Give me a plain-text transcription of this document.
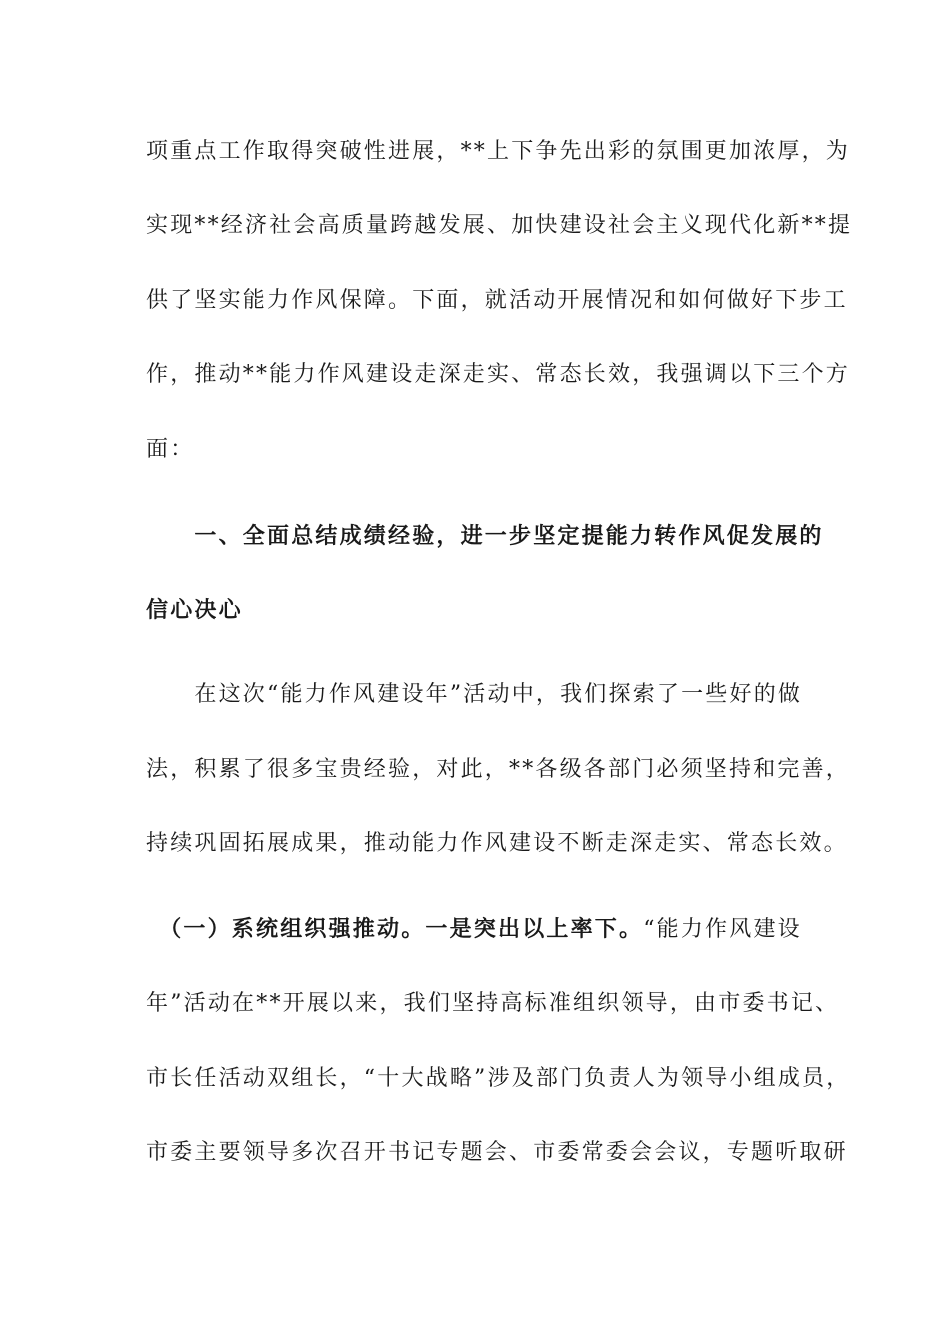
项重点工作取得突破性进展，**上下争先出彩的氛围更加浓厚，为
实现**经济社会高质量跨越发展、加快建设社会主义现代化新**提
供了坚实能力作风保障。下面，就活动开展情况和如何做好下步工
作，推动**能力作风建设走深走实、常态长效，我强调以下三个方
面：
　　一、全面总结成绩经验，进一步坚定提能力转作风促发展的
信心决心
　　在这次“能力作风建设年”活动中，我们探索了一些好的做
法，积累了很多宝贵经验，对此，**各级各部门必须坚持和完善，
持续巩固拓展成果，推动能力作风建设不断走深走实、常态长效。
　（一）系统组织强推动。一是突出以上率下。“能力作风建设
年”活动在**开展以来，我们坚持高标准组织领导，由市委书记、
市长任活动双组长，“十大战略”涉及部门负责人为领导小组成员，
市委主要领导多次召开书记专题会、市委常委会会议，专题听取研
